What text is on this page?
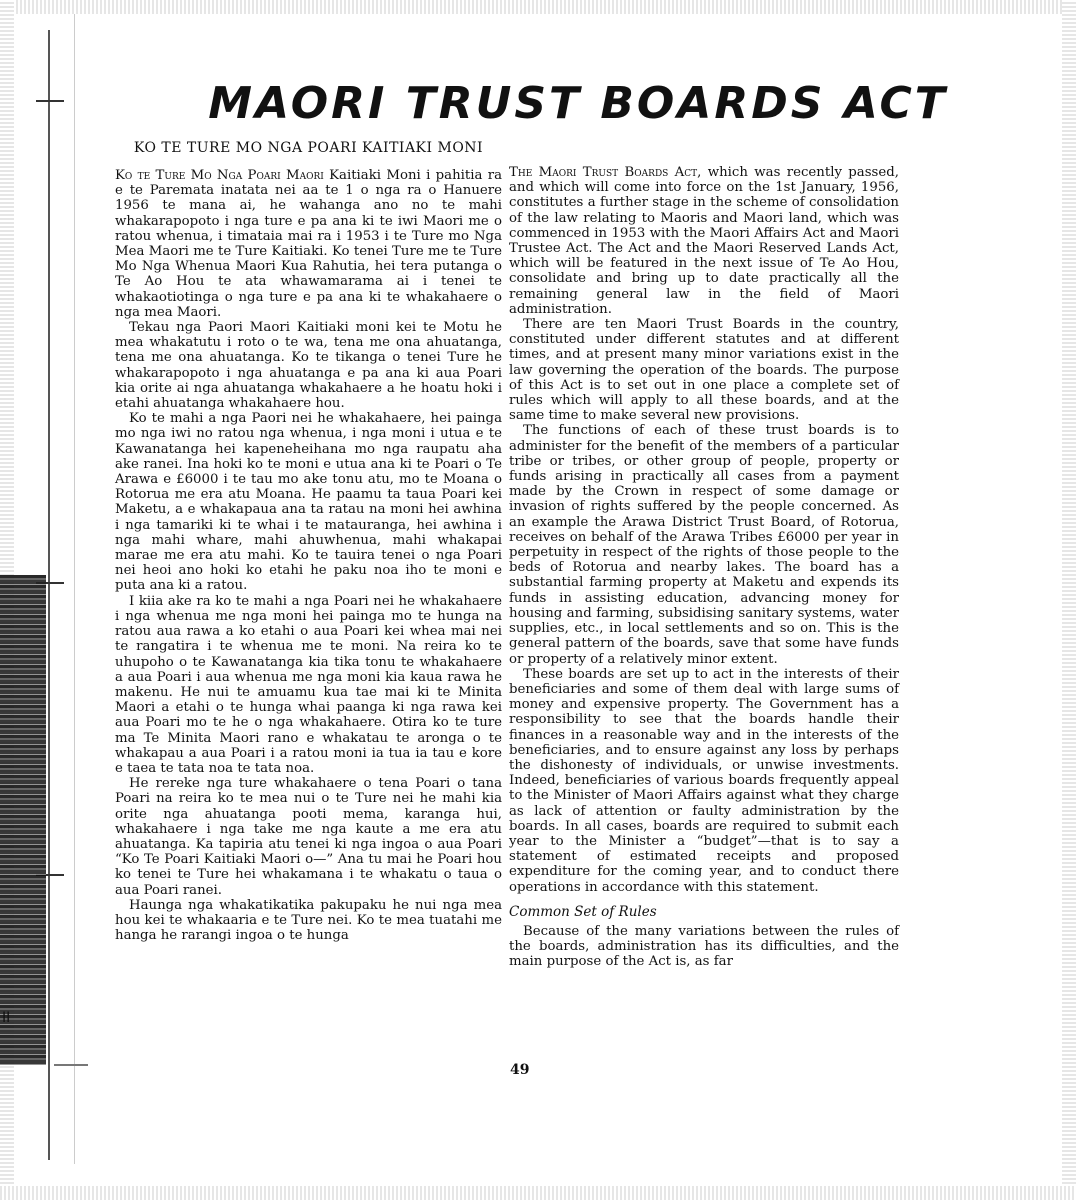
II
MAORI TRUST BOARDS ACT
KO TE TURE MO NGA POARI KAITIAKI MONI

Ko te Ture Mo Nga Poari Maori Kaitiaki Moni i pahitia ra e te Paremata inatata nei aa te 1 o nga ra o Hanuere 1956 te mana ai, he wahanga ano no te mahi whakarapopoto i nga ture e pa ana ki te iwi Maori me o ratou whenua, i timataia mai ra i 1953 i te Ture mo Nga Mea Maori me te Ture Kaitiaki. Ko tenei Ture me te Ture Mo Nga Whenua Maori Kua Rahutia, hei tera putanga o Te Ao Hou te ata whawamarama ai i tenei te whakaotiotinga o nga ture e pa ana ki te whakahaere o nga mea Maori.

Tekau nga Paori Maori Kaitiaki moni kei te Motu he mea whakatutu i roto o te wa, tena me ona ahuatanga, tena me ona ahuatanga. Ko te tikanga o tenei Ture he whakarapopoto i nga ahuatanga e pa ana ki aua Poari kia orite ai nga ahuatanga whakahaere a he hoatu hoki i etahi ahuatanga whakahaere hou.

Ko te mahi a nga Paori nei he whakahaere, hei painga mo nga iwi no ratou nga whenua, i nga moni i utua e te Kawanatanga hei kapeneheihana mo nga raupatu aha ake ranei. Ina hoki ko te moni e utua ana ki te Poari o Te Arawa e £6000 i te tau mo ake tonu atu, mo te Moana o Rotorua me era atu Moana. He paamu ta taua Poari kei Maketu, a e whakapaua ana ta ratau na moni hei awhina i nga tamariki ki te whai i te matauranga, hei awhina i nga mahi whare, mahi ahuwhenua, mahi whakapai marae me era atu mahi. Ko te tauira tenei o nga Poari nei heoi ano hoki ko etahi he paku noa iho te moni e puta ana ki a ratou.

I kiia ake ra ko te mahi a nga Poari nei he whakahaere i nga whenua me nga moni hei painga mo te hunga na ratou aua rawa a ko etahi o aua Poari kei whea mai nei te rangatira i te whenua me te moni. Na reira ko te uhupoho o te Kawanatanga kia tika tonu te whakahaere a aua Poari i aua whenua me nga moni kia kaua rawa he makenu. He nui te amuamu kua tae mai ki te Minita Maori a etahi o te hunga whai paanga ki nga rawa kei aua Poari mo te he o nga whakahaere. Otira ko te ture ma Te Minita Maori rano e whakatau te aronga o te whakapau a aua Poari i a ratou moni ia tua ia tau e kore e taea te tata noa te tata noa.

He rereke nga ture whakahaere o tena Poari o tana Poari na reira ko te mea nui o te Ture nei he mahi kia orite nga ahuatanga pooti mema, karanga hui, whakahaere i nga take me nga kaute a me era atu ahuatanga. Ka tapiria atu tenei ki nga ingoa o aua Poari “Ko Te Poari Kaitiaki Maori o—” Ana tu mai he Poari hou ko tenei te Ture hei whakamana i te whakatu o taua o aua Poari ranei.

Haunga nga whakatikatika pakupaku he nui nga mea hou kei te whakaaria e te Ture nei. Ko te mea tuatahi me hanga he rarangi ingoa o te hunga

The Maori Trust Boards Act, which was recently passed, and which will come into force on the 1st January, 1956, constitutes a further stage in the scheme of consolidation of the law relating to Maoris and Maori land, which was commenced in 1953 with the Maori Affairs Act and Maori Trustee Act. The Act and the Maori Reserved Lands Act, which will be featured in the next issue of Te Ao Hou, consolidate and bring up to date practically all the remaining general law in the field of Maori administration.

There are ten Maori Trust Boards in the country, constituted under different statutes and at different times, and at present many minor variations exist in the law governing the operation of the boards. The purpose of this Act is to set out in one place a complete set of rules which will apply to all these boards, and at the same time to make several new provisions.

The functions of each of these trust boards is to administer for the benefit of the members of a particular tribe or tribes, or other group of people, property or funds arising in practically all cases from a payment made by the Crown in respect of some damage or invasion of rights suffered by the people concerned. As an example the Arawa District Trust Board, of Rotorua, receives on behalf of the Arawa Tribes £6000 per year in perpetuity in respect of the rights of those people to the beds of Rotorua and nearby lakes. The board has a substantial farming property at Maketu and expends its funds in assisting education, advancing money for housing and farming, subsidising sanitary systems, water supplies, etc., in local settlements and so on. This is the general pattern of the boards, save that some have funds or property of a relatively minor extent.

These boards are set up to act in the interests of their beneficiaries and some of them deal with large sums of money and expensive property. The Government has a responsibility to see that the boards handle their finances in a reasonable way and in the interests of the beneficiaries, and to ensure against any loss by perhaps the dishonesty of individuals, or unwise investments. Indeed, beneficiaries of various boards frequently appeal to the Minister of Maori Affairs against what they charge as lack of attention or faulty administration by the boards. In all cases, boards are required to submit each year to the Minister a “budget”—that is to say a statement of estimated receipts and proposed expenditure for the coming year, and to conduct there operations in accordance with this statement.

Common Set of Rules

Because of the many variations between the rules of the boards, administration has its difficulties, and the main purpose of the Act is, as far

49
